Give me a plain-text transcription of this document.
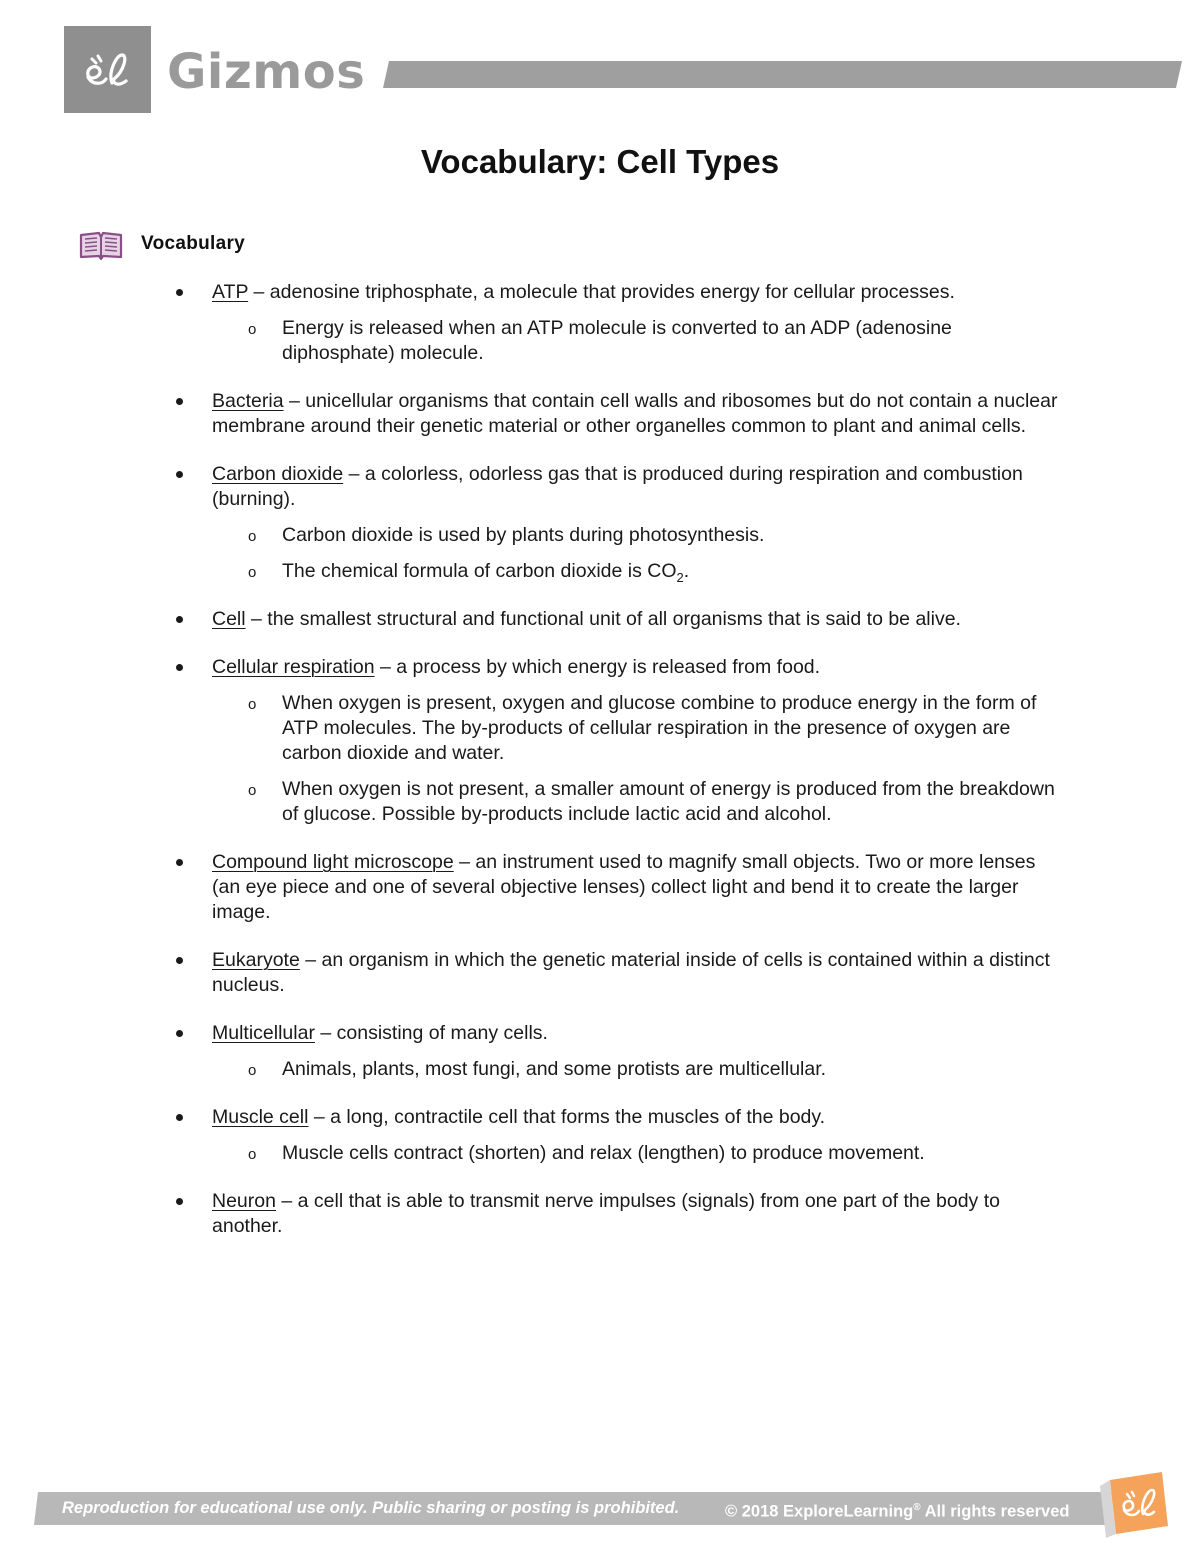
Gizmos
Vocabulary: Cell Types
Vocabulary
ATP – adenosine triphosphate, a molecule that provides energy for cellular processes.
o Energy is released when an ATP molecule is converted to an ADP (adenosine diphosphate) molecule.
Bacteria – unicellular organisms that contain cell walls and ribosomes but do not contain a nuclear membrane around their genetic material or other organelles common to plant and animal cells.
Carbon dioxide – a colorless, odorless gas that is produced during respiration and combustion (burning).
o Carbon dioxide is used by plants during photosynthesis.
o The chemical formula of carbon dioxide is $CO_2$.
Cell – the smallest structural and functional unit of all organisms that is said to be alive.
Cellular respiration – a process by which energy is released from food.
o When oxygen is present, oxygen and glucose combine to produce energy in the form of ATP molecules. The by-products of cellular respiration in the presence of oxygen are carbon dioxide and water.
o When oxygen is not present, a smaller amount of energy is produced from the breakdown of glucose. Possible by-products include lactic acid and alcohol.
Compound light microscope – an instrument used to magnify small objects. Two or more lenses (an eye piece and one of several objective lenses) collect light and bend it to create the larger image.
Eukaryote – an organism in which the genetic material inside of cells is contained within a distinct nucleus.
Multicellular – consisting of many cells.
o Animals, plants, most fungi, and some protists are multicellular.
Muscle cell – a long, contractile cell that forms the muscles of the body.
o Muscle cells contract (shorten) and relax (lengthen) to produce movement.
Neuron – a cell that is able to transmit nerve impulses (signals) from one part of the body to another.
Reproduction for educational use only. Public sharing or posting is prohibited.	© 2018 ExploreLearning® All rights reserved
